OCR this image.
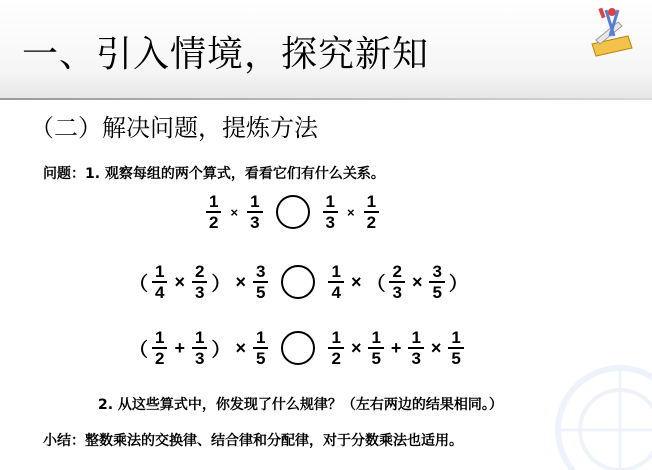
一、引入情境，探究新知
（二）解决问题，提炼方法
问题：1. 观察每组的两个算式，看看它们有什么关系。
$\frac{1}{2} \times \frac{1}{3}$	$\frac{1}{3} \times \frac{1}{2}$
（ $\frac{1}{4} \times \frac{2}{3}$ ） × $\frac{3}{5}$	$\frac{1}{4}$ × （ $\frac{2}{3} \times \frac{3}{5}$ ）
（ $\frac{1}{2} + \frac{1}{3}$ ） × $\frac{1}{5}$	$\frac{1}{2} \times \frac{1}{5} + \frac{1}{3} \times \frac{1}{5}$
2. 从这些算式中，你发现了什么规律？（左右两边的结果相同。）
小结：整数乘法的交换律、结合律和分配律，对于分数乘法也适用。
